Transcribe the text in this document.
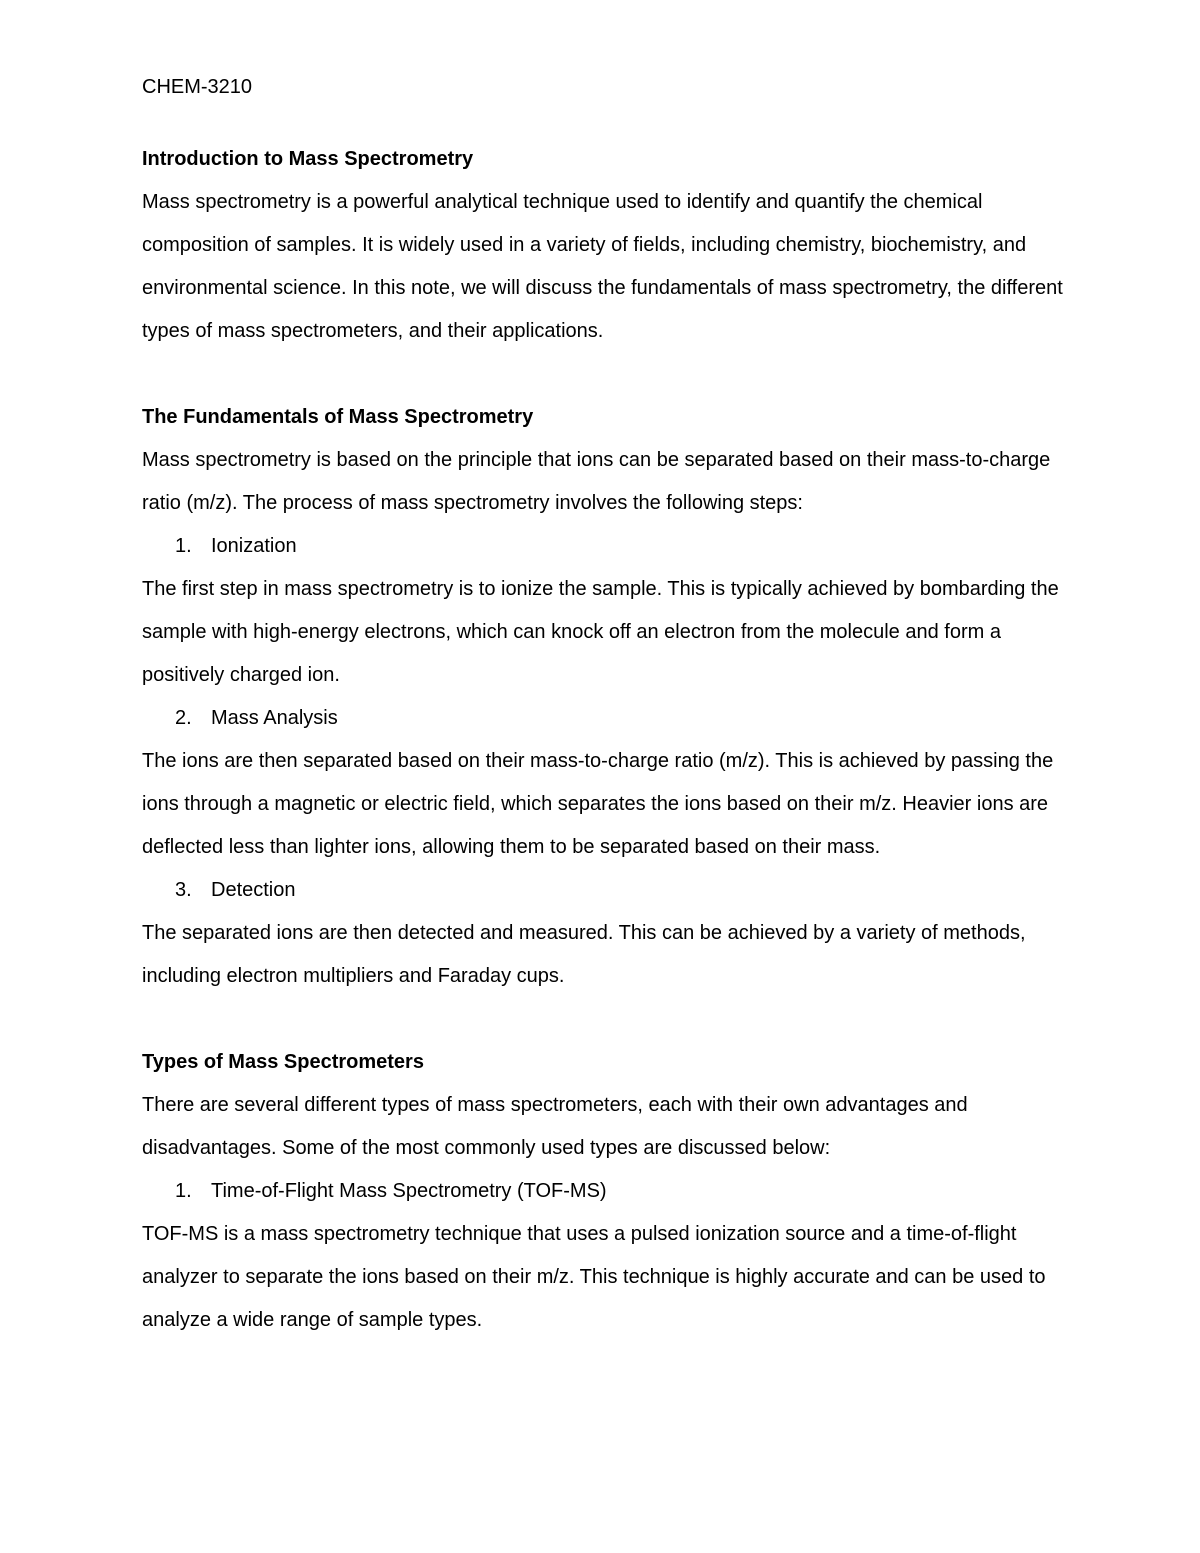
CHEM-3210
Introduction to Mass Spectrometry

Mass spectrometry is a powerful analytical technique used to identify and quantify the chemical composition of samples. It is widely used in a variety of fields, including chemistry, biochemistry, and environmental science. In this note, we will discuss the fundamentals of mass spectrometry, the different types of mass spectrometers, and their applications.

The Fundamentals of Mass Spectrometry

Mass spectrometry is based on the principle that ions can be separated based on their mass-to-charge ratio (m/z). The process of mass spectrometry involves the following steps:

1. Ionization

The first step in mass spectrometry is to ionize the sample. This is typically achieved by bombarding the sample with high-energy electrons, which can knock off an electron from the molecule and form a positively charged ion.

2. Mass Analysis

The ions are then separated based on their mass-to-charge ratio (m/z). This is achieved by passing the ions through a magnetic or electric field, which separates the ions based on their m/z. Heavier ions are deflected less than lighter ions, allowing them to be separated based on their mass.

3. Detection

The separated ions are then detected and measured. This can be achieved by a variety of methods, including electron multipliers and Faraday cups.

Types of Mass Spectrometers

There are several different types of mass spectrometers, each with their own advantages and disadvantages. Some of the most commonly used types are discussed below:

1. Time-of-Flight Mass Spectrometry (TOF-MS)

TOF-MS is a mass spectrometry technique that uses a pulsed ionization source and a time-of-flight analyzer to separate the ions based on their m/z. This technique is highly accurate and can be used to analyze a wide range of sample types.
